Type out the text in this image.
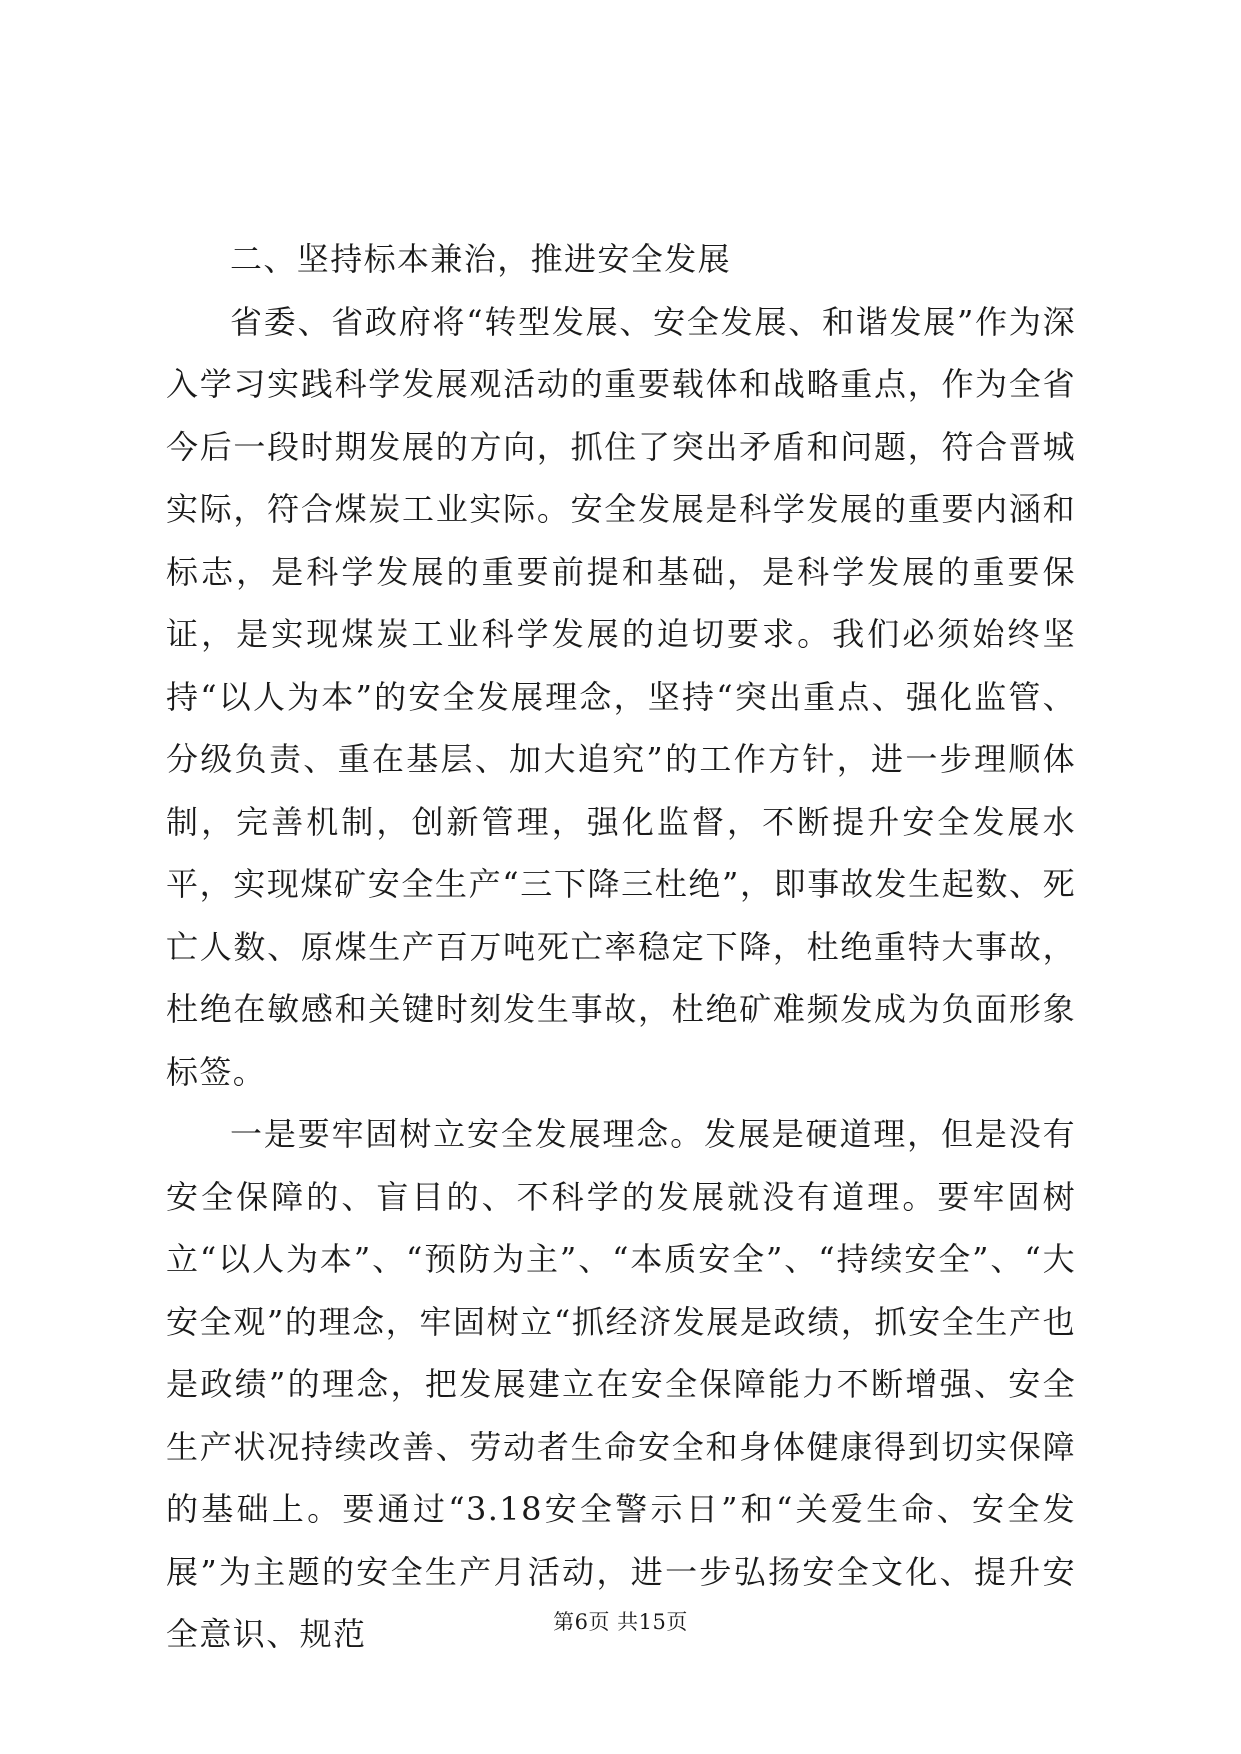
二、坚持标本兼治，推进安全发展

省委、省政府将“转型发展、安全发展、和谐发展”作为深入学习实践科学发展观活动的重要载体和战略重点，作为全省今后一段时期发展的方向，抓住了突出矛盾和问题，符合晋城实际，符合煤炭工业实际。安全发展是科学发展的重要内涵和标志，是科学发展的重要前提和基础，是科学发展的重要保证，是实现煤炭工业科学发展的迫切要求。我们必须始终坚持“以人为本”的安全发展理念，坚持“突出重点、强化监管、分级负责、重在基层、加大追究”的工作方针，进一步理顺体制，完善机制，创新管理，强化监督，不断提升安全发展水平，实现煤矿安全生产“三下降三杜绝”，即事故发生起数、死亡人数、原煤生产百万吨死亡率稳定下降，杜绝重特大事故，杜绝在敏感和关键时刻发生事故，杜绝矿难频发成为负面形象标签。

一是要牢固树立安全发展理念。发展是硬道理，但是没有安全保障的、盲目的、不科学的发展就没有道理。要牢固树立“以人为本”、“预防为主”、“本质安全”、“持续安全”、“大安全观”的理念，牢固树立“抓经济发展是政绩，抓安全生产也是政绩”的理念，把发展建立在安全保障能力不断增强、安全生产状况持续改善、劳动者生命安全和身体健康得到切实保障的基础上。要通过“3.18安全警示日”和“关爱生命、安全发展”为主题的安全生产月活动，进一步弘扬安全文化、提升安全意识、规范	第6页 共15页
